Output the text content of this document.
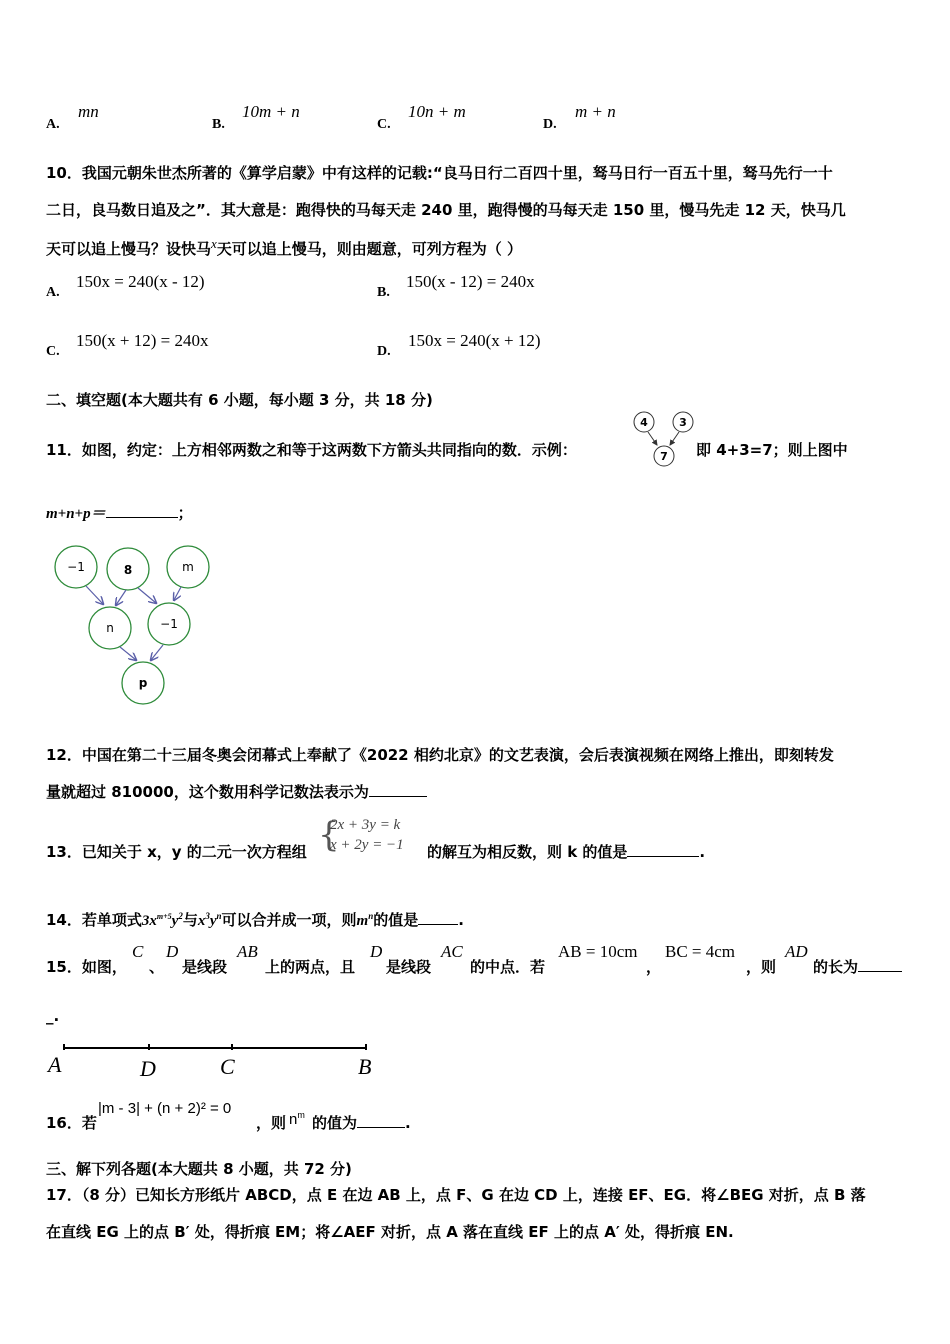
A.
mn
B.
10m + n
C.
10n + m
D.
m + n
10．我国元朝朱世杰所著的《算学启蒙》中有这样的记载:“良马日行二百四十里，驽马日行一百五十里，驽马先行一十
二日，良马数日追及之”．其大意是：跑得快的马每天走 240 里，跑得慢的马每天走 150 里，慢马先走 12 天，快马几
天可以追上慢马？设快马$^x$天可以追上慢马，则由题意，可列方程为（ ）
A.
150x = 240(x - 12)
B.
150(x - 12) = 240x
C.
150(x + 12) = 240x
D.
150x = 240(x + 12)
二、填空题(本大题共有 6 小题，每小题 3 分，共 18 分)
11．如图，约定：上方相邻两数之和等于这两数下方箭头共同指向的数．示例：
4	3
7 即 4+3=7；则上图中
m+n+p＝	；
−1	8	m
n	−1
p
12．中国在第二十三届冬奥会闭幕式上奉献了《2022 相约北京》的文艺表演，会后表演视频在网络上推出，即刻转发
量就超过 810000，这个数用科学记数法表示为
13．已知关于 x，y 的二元一次方程组 {
2x + 3y = k
x + 2y = −1 的解互为相反数，则 k 的值是	.
14．若单项式$3x^{m+5}y^2$与$x^3y^n$可以合并成一项，则$m^n$的值是	.
15．如图，
C
、
D
是线段
AB
上的两点，且
D
是线段
AC
的中点．若
AB = 10cm
，
BC = 4cm
，则
AD
的长为
_.
A	D	C	B
16．若
|m - 3| + (n + 2)² = 0
，则 $n^m$ 的值为	.
三、解下列各题(本大题共 8 小题，共 72 分)
17．（8 分）已知长方形纸片 ABCD，点 E 在边 AB 上，点 F、G 在边 CD 上，连接 EF、EG．将∠BEG 对折，点 B 落
在直线 EG 上的点 B′ 处，得折痕 EM；将∠AEF 对折，点 A 落在直线 EF 上的点 A′ 处，得折痕 EN.
